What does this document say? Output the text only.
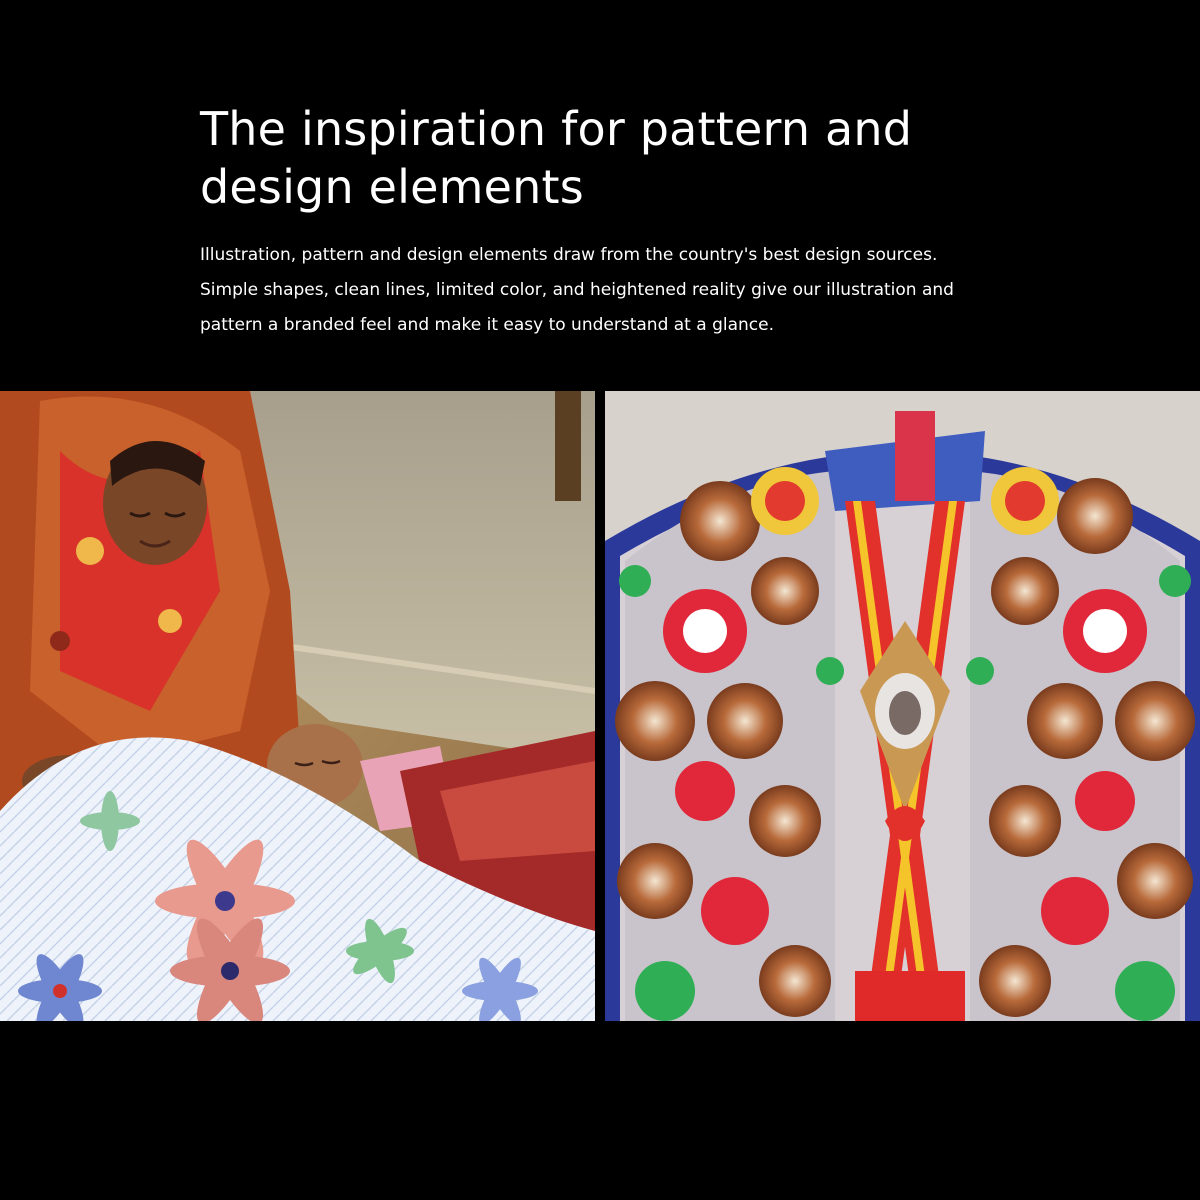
The inspiration for pattern and design elements

Illustration, pattern and design elements draw from the country's best design sources. Simple shapes, clean lines, limited color, and heightened reality give our illustration and pattern a branded feel and make it easy to understand at a glance.
